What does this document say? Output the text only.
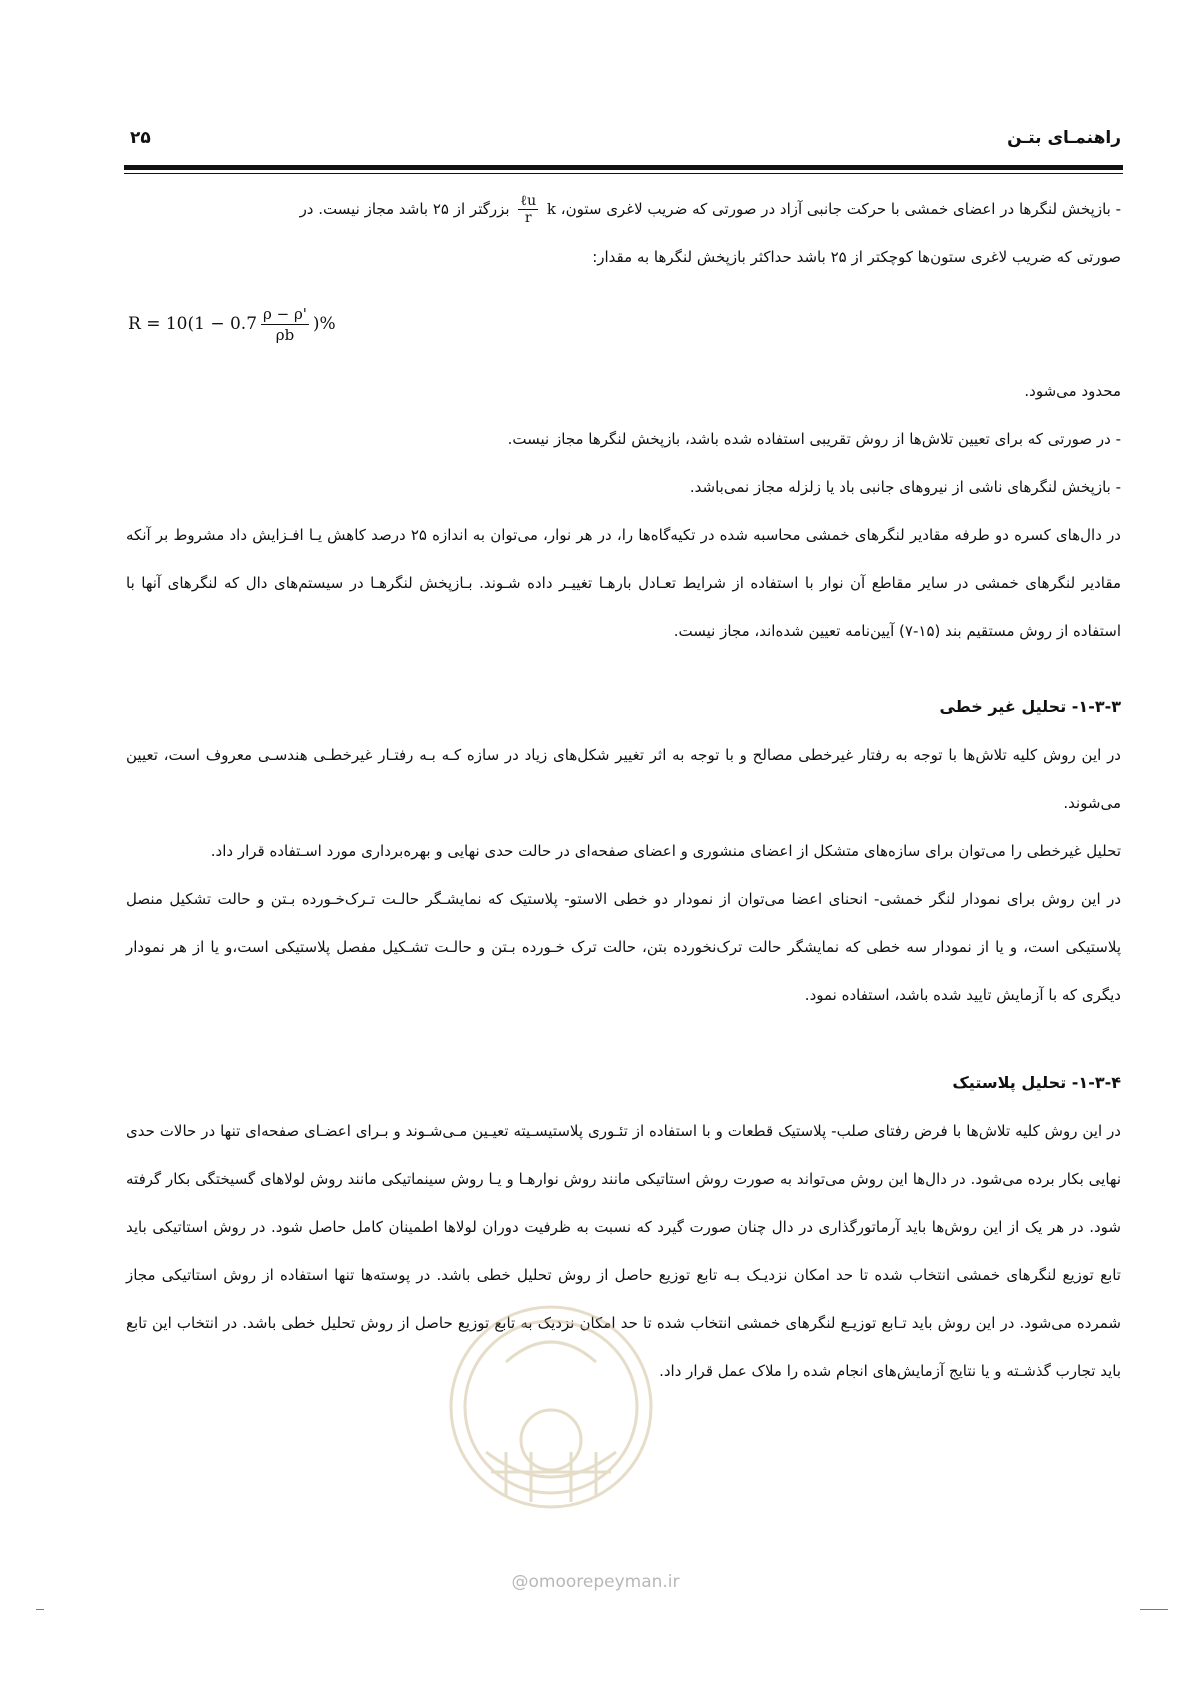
راهنمـای بتـن
۲۵

- بازپخش لنگرها در اعضای خمشی با حرکت جانبی آزاد در صورتی که ضریب لاغری ستون، k
$\frac{\text{ℓu}}{r}$
بزرگتر از ۲۵ باشد مجاز نیست. در

صورتی که ضریب لاغری ستون‌ها کوچکتر از ۲۵ باشد حداکثر بازپخش لنگرها به مقدار:

$R = 10(1 - 0.7 \frac{\rho - \rho'}{\rho b}$ )%

محدود می‌شود.

- در صورتی که برای تعیین تلاش‌ها از روش تقریبی استفاده شده باشد، بازپخش لنگرها مجاز نیست.

- بازپخش لنگرهای ناشی از نیروهای جانبی باد یا زلزله مجاز نمی‌باشد.

در دال‌های کسره دو طرفه مقادیر لنگرهای خمشی محاسبه شده در تکیه‌گاه‌ها را، در هر نوار، می‌توان به اندازه ۲۵ درصد کاهش یـا افـزایش داد مشروط بر آنکه مقادیر لنگرهای خمشی در سایر مقاطع آن نوار با استفاده از شرایط تعـادل بارهـا تغییـر داده شـوند. بـازپخش لنگرهـا در سیستم‌های دال که لنگرهای آنها با استفاده از روش مستقیم بند (۱۵-۷) آیین‌نامه تعیین شده‌اند، مجاز نیست.

۱-۳-۳- تحلیل غیر خطی

در این روش کلیه تلاش‌ها با توجه به رفتار غیرخطی مصالح و با توجه به اثر تغییر شکل‌های زیاد در سازه کـه بـه رفتـار غیرخطـی هندسـی معروف است، تعیین می‌شوند.

تحلیل غیرخطی را می‌توان برای سازه‌های متشکل از اعضای منشوری و اعضای صفحه‌ای در حالت حدی نهایی و بهره‌برداری مورد اسـتفاده قرار داد.

در این روش برای نمودار لنگر خمشی- انحنای اعضا می‌توان از نمودار دو خطی الاستو- پلاستیک که نمایشـگر حالـت تـرک‌خـورده بـتن و حالت تشکیل منصل پلاستیکی است، و یا از نمودار سه خطی که نمایشگر حالت ترک‌نخورده بتن، حالت ترک خـورده بـتن و حالـت تشـکیل مفصل پلاستیکی است،و یا از هر نمودار دیگری که با آزمایش تایید شده باشد، استفاده نمود.

۱-۳-۴- تحلیل پلاستیک

در این روش کلیه تلاش‌ها با فرض رفتای صلب- پلاستیک قطعات و با استفاده از تئـوری پلاستیسـیته تعیـین مـی‌شـوند و بـرای اعضـای صفحه‌ای تنها در حالات حدی نهایی بکار برده می‌شود. در دال‌ها این روش می‌تواند به صورت روش استاتیکی مانند روش نوارهـا و یـا روش سینماتیکی مانند روش لولاهای گسیختگی بکار گرفته شود. در هر یک از این روش‌ها باید آرماتورگذاری در دال چنان صورت گیرد که نسبت به ظرفیت دوران لولاها اطمینان کامل حاصل شود. در روش استاتیکی باید تابع توزیع لنگرهای خمشی انتخاب شده تا حد امکان نزدیـک بـه تابع توزیع حاصل از روش تحلیل خطی باشد. در پوسته‌ها تنها استفاده از روش استاتیکی مجاز شمرده می‌شود. در این روش باید تـابع توزیـع لنگرهای خمشی انتخاب شده تا حد امکان نزدیک به تابع توزیع حاصل از روش تحلیل خطی باشد. در انتخاب این تابع باید تجارب گذشـته و یا نتایج آزمایش‌های انجام شده را ملاک عمل قرار داد.

@omoorepeyman.ir
